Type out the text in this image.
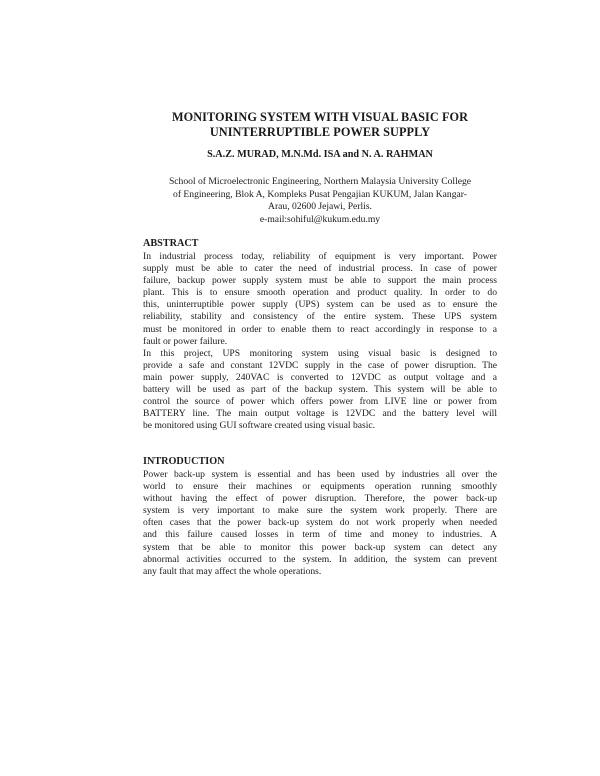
MONITORING SYSTEM WITH VISUAL BASIC FOR
UNINTERRUPTIBLE POWER SUPPLY
S.A.Z. MURAD, M.N.Md. ISA and N. A. RAHMAN
School of Microelectronic Engineering, Northern Malaysia University College
of Engineering, Blok A, Kompleks Pusat Pengajian KUKUM, Jalan Kangar-
Arau, 02600 Jejawi, Perlis.
e-mail:sohiful@kukum.edu.my
ABSTRACT
In industrial process today, reliability of equipment is very important. Power
supply must be able to cater the need of industrial process. In case of power
failure, backup power supply system must be able to support the main process
plant. This is to ensure smooth operation and product quality. In order to do
this, uninterruptible power supply (UPS) system can be used as to ensure the
reliability, stability and consistency of the entire system. These UPS system
must be monitored in order to enable them to react accordingly in response to a
fault or power failure.
In this project, UPS monitoring system using visual basic is designed to
provide a safe and constant 12VDC supply in the case of power disruption. The
main power supply, 240VAC is converted to 12VDC as output voltage and a
battery will be used as part of the backup system. This system will be able to
control the source of power which offers power from LIVE line or power from
BATTERY line. The main output voltage is 12VDC and the battery level will
be monitored using GUI software created using visual basic.
INTRODUCTION
Power back-up system is essential and has been used by industries all over the
world to ensure their machines or equipments operation running smoothly
without having the effect of power disruption. Therefore, the power back-up
system is very important to make sure the system work properly. There are
often cases that the power back-up system do not work properly when needed
and this failure caused losses in term of time and money to industries. A
system that be able to monitor this power back-up system can detect any
abnormal activities occurred to the system. In addition, the system can prevent
any fault that may affect the whole operations.
